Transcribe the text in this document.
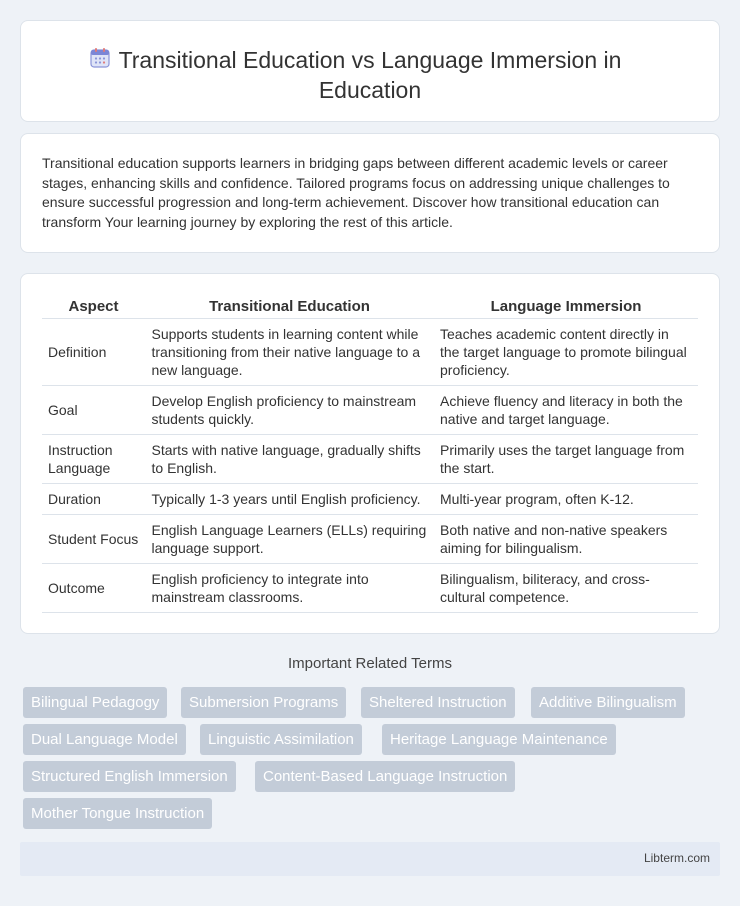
Transitional Education vs Language Immersion in Education

Transitional education supports learners in bridging gaps between different academic levels or career stages, enhancing skills and confidence. Tailored programs focus on addressing unique challenges to ensure successful progression and long-term achievement. Discover how transitional education can transform Your learning journey by exploring the rest of this article.

Aspect	Transitional Education	Language Immersion
Definition	Supports students in learning content while transitioning from their native language to a new language.	Teaches academic content directly in the target language to promote bilingual proficiency.
Goal	Develop English proficiency to mainstream students quickly.	Achieve fluency and literacy in both the native and target language.
Instruction Language	Starts with native language, gradually shifts to English.	Primarily uses the target language from the start.
Duration	Typically 1-3 years until English proficiency.	Multi-year program, often K-12.
Student Focus	English Language Learners (ELLs) requiring language support.	Both native and non-native speakers aiming for bilingualism.
Outcome	English proficiency to integrate into mainstream classrooms.	Bilingualism, biliteracy, and cross-cultural competence.
Important Related Terms
Bilingual Pedagogy	Submersion Programs	Sheltered Instruction	Additive Bilingualism
Dual Language Model	Linguistic Assimilation	Heritage Language Maintenance
Structured English Immersion	Content-Based Language Instruction
Mother Tongue Instruction
Libterm.com
